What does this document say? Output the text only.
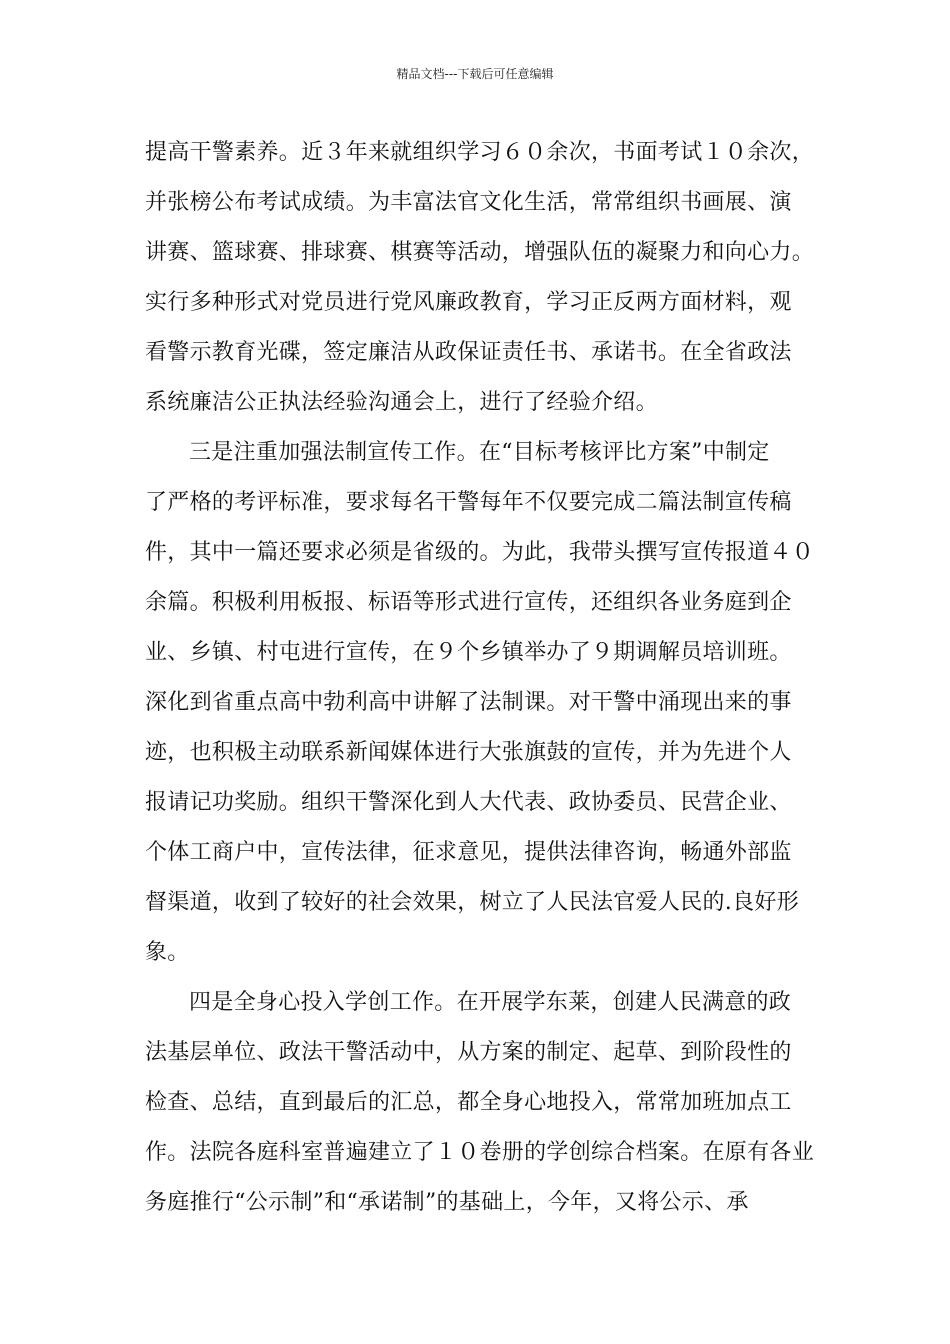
精品文档---下载后可任意编辑
提高干警素养。近３年来就组织学习６０余次，书面考试１０余次，
并张榜公布考试成绩。为丰富法官文化生活，常常组织书画展、演
讲赛、篮球赛、排球赛、棋赛等活动，增强队伍的凝聚力和向心力。
实行多种形式对党员进行党风廉政教育，学习正反两方面材料，观
看警示教育光碟，签定廉洁从政保证责任书、承诺书。在全省政法
系统廉洁公正执法经验沟通会上，进行了经验介绍。
三是注重加强法制宣传工作。在“目标考核评比方案”中制定
了严格的考评标准，要求每名干警每年不仅要完成二篇法制宣传稿
件，其中一篇还要求必须是省级的。为此，我带头撰写宣传报道４０
余篇。积极利用板报、标语等形式进行宣传，还组织各业务庭到企
业、乡镇、村屯进行宣传，在９个乡镇举办了９期调解员培训班。
深化到省重点高中勃利高中讲解了法制课。对干警中涌现出来的事
迹，也积极主动联系新闻媒体进行大张旗鼓的宣传，并为先进个人
报请记功奖励。组织干警深化到人大代表、政协委员、民营企业、
个体工商户中，宣传法律，征求意见，提供法律咨询，畅通外部监
督渠道，收到了较好的社会效果，树立了人民法官爱人民的.良好形
象。
四是全身心投入学创工作。在开展学东莱，创建人民满意的政
法基层单位、政法干警活动中，从方案的制定、起草、到阶段性的
检查、总结，直到最后的汇总，都全身心地投入，常常加班加点工
作。法院各庭科室普遍建立了１０卷册的学创综合档案。在原有各业
务庭推行“公示制”和“承诺制”的基础上，今年，又将公示、承
